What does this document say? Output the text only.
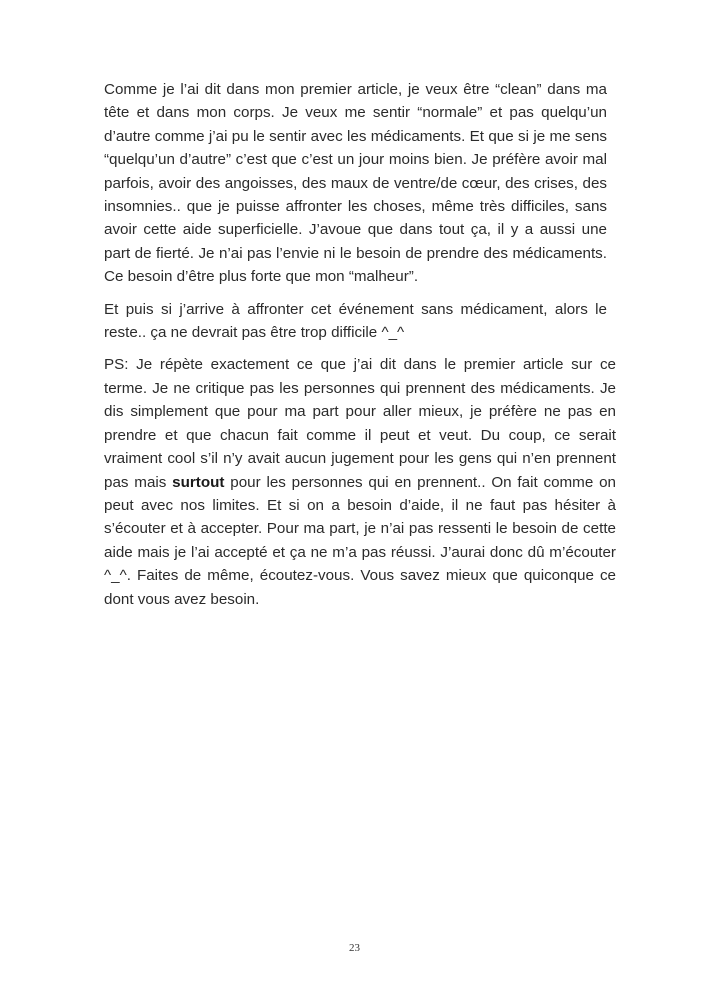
Comme je l’ai dit dans mon premier article, je veux être “clean” dans ma tête et dans mon corps. Je veux me sentir “normale” et pas quelqu’un d’autre comme j’ai pu le sentir avec les médicaments. Et que si je me sens “quelqu’un d’autre” c’est que c’est un jour moins bien. Je préfère avoir mal parfois, avoir des angoisses, des maux de ventre/de cœur, des crises, des insomnies.. que je puisse affronter les choses, même très difficiles, sans avoir cette aide superficielle. J’avoue que dans tout ça, il y a aussi une part de fierté. Je n’ai pas l’envie ni le besoin de prendre des médicaments. Ce besoin d’être plus forte que mon “malheur”.

Et puis si j’arrive à affronter cet événement sans médicament, alors le reste.. ça ne devrait pas être trop difficile ^_^

PS: Je répète exactement ce que j’ai dit dans le premier article sur ce terme. Je ne critique pas les personnes qui prennent des médicaments. Je dis simplement que pour ma part pour aller mieux, je préfère ne pas en prendre et que chacun fait comme il peut et veut. Du coup, ce serait vraiment cool s’il n’y avait aucun jugement pour les gens qui n’en prennent pas mais surtout pour les personnes qui en prennent.. On fait comme on peut avec nos limites. Et si on a besoin d’aide, il ne faut pas hésiter à s’écouter et à accepter. Pour ma part, je n’ai pas ressenti le besoin de cette aide mais je l’ai accepté et ça ne m’a pas réussi. J’aurai donc dû m’écouter ^_^. Faites de même, écoutez-vous. Vous savez mieux que quiconque ce dont vous avez besoin.

23
